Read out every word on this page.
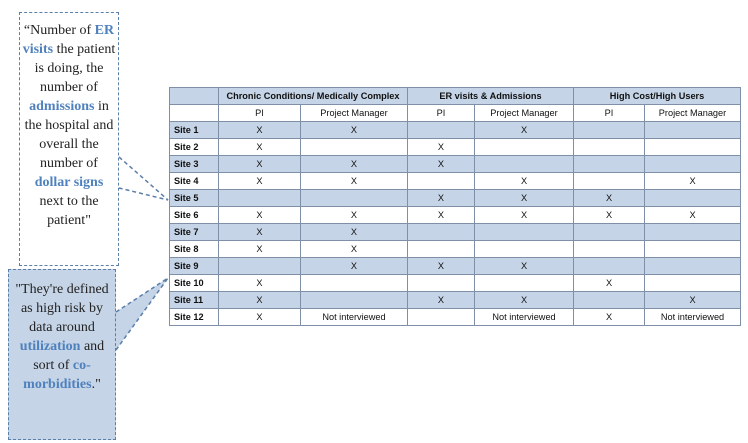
“Number of ER visits the patient is doing, the number of admissions in the hospital and overall the number of dollar signs next to the patient"
"They're defined as high risk by data around utilization and sort of co-morbidities."
	Chronic Conditions/ Medically Complex		ER visits & Admissions		High Cost/High Users	
	PI	Project Manager	PI	Project Manager	PI	Project Manager
Site 1	X	X		X		
Site 2	X		X			
Site 3	X	X	X			
Site 4	X	X		X		X
Site 5			X	X	X	
Site 6	X	X	X	X	X	X
Site 7	X	X				
Site 8	X	X				
Site 9		X	X	X		
Site 10	X				X	
Site 11	X		X	X		X
Site 12	X	Not interviewed		Not interviewed	X	Not interviewed
